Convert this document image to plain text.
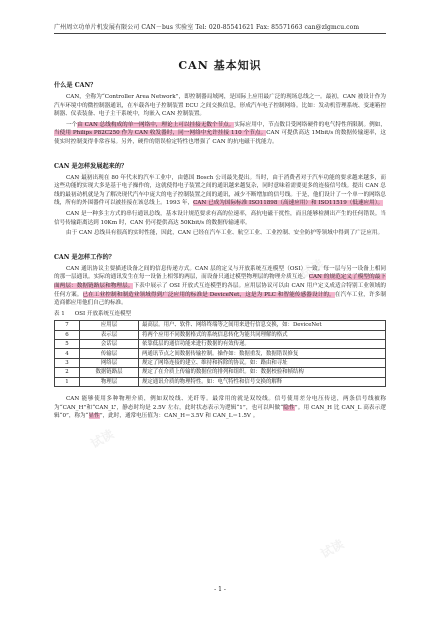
广州周立功单片机发展有限公司 CAN－bus 实验室 Tel: 020-85541621 Fax: 85571663 can@zlgmcu.com
CAN 基本知识
什么是 CAN？

CAN，全称为“Controller Area Network”，即控制器局域网，是国际上应用最广泛的现场总线之一。最初，CAN 被设计作为汽车环境中的微控制器通讯，在车载各电子控制装置 ECU 之间交换信息，形成汽车电子控制网络。比如：发动机管理系统、变速箱控制器、仪表装备、电子主干系统中，均嵌入 CAN 控制装置。

一个由 CAN 总线构成的单一网络中，理论上可以挂接无数个节点。实际应用中，节点数目受网络硬件的电气特性所限制。例如，当使用 Philips P82C250 作为 CAN 收发器时，同一网络中允许挂接 110 个节点。CAN 可提供高达 1Mbit/s 的数据传输速率，这使实时控制变得非常容易。另外，硬件的错误检定特性也增强了 CAN 的抗电磁干扰能力。

CAN 是怎样发展起来的？

CAN 最初出现在 80 年代末的汽车工业中，由德国 Bosch 公司最先提出。当时，由于消费者对于汽车功能的要求越来越多，而这些功能的实现大多是基于电子操作的，这就使得电子装置之间的通讯越来越复杂，同时意味着需要更多的连接信号线。提出 CAN 总线的最初动机就是为了解决现代汽车中庞大的电子控制装置之间的通讯，减少不断增加的信号线。于是，他们设计了一个单一的网络总线，所有的外围器件可以被挂接在该总线上。1993 年，CAN 已成为国际标准 ISO11898（高速应用）和 ISO11519（低速应用）。

CAN 是一种多主方式的串行通讯总线，基本设计规范要求有高的位速率，高抗电磁干扰性，而且能够检测出产生的任何错误。当信号传输距离达到 10Km 时，CAN 仍可提供高达 50Kbit/s 的数据传输速率。

由于 CAN 总线具有很高的实时性能，因此，CAN 已经在汽车工业、航空工业、工业控制、安全防护等领域中得到了广泛应用。

CAN 是怎样工作的？

CAN 通讯协议主要描述设备之间的信息传递方式。CAN 层的定义与开放系统互连模型（OSI）一致。每一层与另一设备上相同的那一层通讯。实际的通讯发生在每一设备上相邻的两层，而设备只通过模型物理层的物理介质互连。CAN 的规范定义了模型的最下面两层：数据链路层和物理层。下表中展示了 OSI 开放式互连模型的各层。应用层协议可以由 CAN 用户定义成适合特别工业领域的任何方案。已在工业控制和制造业领域得到广泛应用的标准是 DeviceNet，这是为 PLC 和智能传感器设计的。在汽车工业，许多制造商都应用他们自己的标准。

表 1 OSI 开放系统互连模型
7	应用层	最高层。用户、软件、网络终端等之间用来进行信息交换，如：DeviceNet
6	表示层	将两个应用不同数据格式的系统信息转化为能共同理解的格式
5	会话层	依靠低层的通信功能来进行数据的有效传递。
4	传输层	两通讯节点之间数据传输控制。操作如：数据重发，数据错误修复
3	网络层	规定了网络连接的建立、维持和拆除的协议。如：路由和寻址
2	数据链路层	规定了在介质上传输的数据位的排列和组织。如：数据校验和帧结构
1	物理层	规定通讯介质的物理特性。如：电气特性和信号交换的解释

CAN 能够使用多种物理介质，例如双绞线、光纤等。最常用的就是双绞线。信号使用差分电压传送，两条信号线被称为“CAN_H”和“CAN_L”，静态时均是 2.5V 左右，此时状态表示为逻辑“1”，也可以叫做“隐性”。用 CAN_H 比 CAN_L 高表示逻辑“0”，称为“显性”，此时，通常电压值为：CAN_H＝3.5V 和 CAN_L＝1.5V 。

- 1 -
试读
试读
试读
试读
